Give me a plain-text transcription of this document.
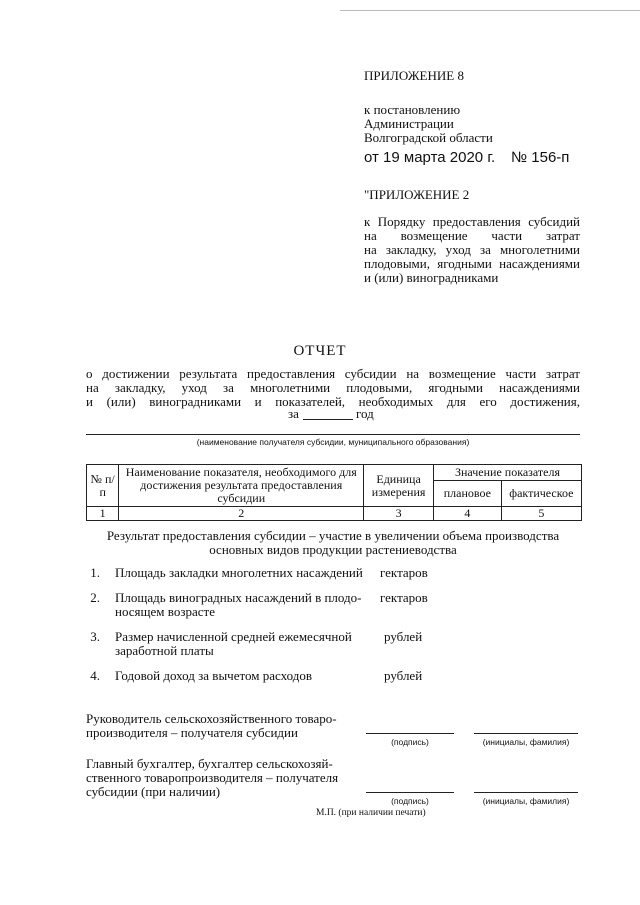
ПРИЛОЖЕНИЕ 8
к постановлению
Администрации
Волгоградской области
от 19 марта 2020 г. № 156-п
"ПРИЛОЖЕНИЕ 2
к Порядку предоставления субсидий
на возмещение части затрат
на закладку, уход за многолетними
плодовыми, ягодными насаждениями
и (или) виноградниками
ОТЧЕТ
о достижении результата предоставления субсидии на возмещение части затрат
на закладку, уход за многолетними плодовыми, ягодными насаждениями
и (или) виноградниками и показателей, необходимых для его достижения,
за	год
(наименование получателя субсидии, муниципального образования)
№ п/п	Наименование показателя, необходимого для достижения результата предоставления субсидии	Единица измерения	Значение показателя	
			плановое	фактическое
1	2	3	4	5
Результат предоставления субсидии – участие в увеличении объема производства
основных видов продукции растениеводства
1. Площадь закладки многолетних насаждений гектаров
2. Площадь виноградных насаждений в плодо-
носящем возрасте
гектаров
3. Размер начисленной средней ежемесячной
заработной платы
рублей
4. Годовой доход за вычетом расходов	рублей
Руководитель сельскохозяйственного товаро-
производителя – получателя субсидии
(подпись)	(инициалы, фамилия)
Главный бухгалтер, бухгалтер сельскохозяй-
ственного товаропроизводителя – получателя
субсидии (при наличии)
(подпись)	(инициалы, фамилия)
М.П. (при наличии печати)
